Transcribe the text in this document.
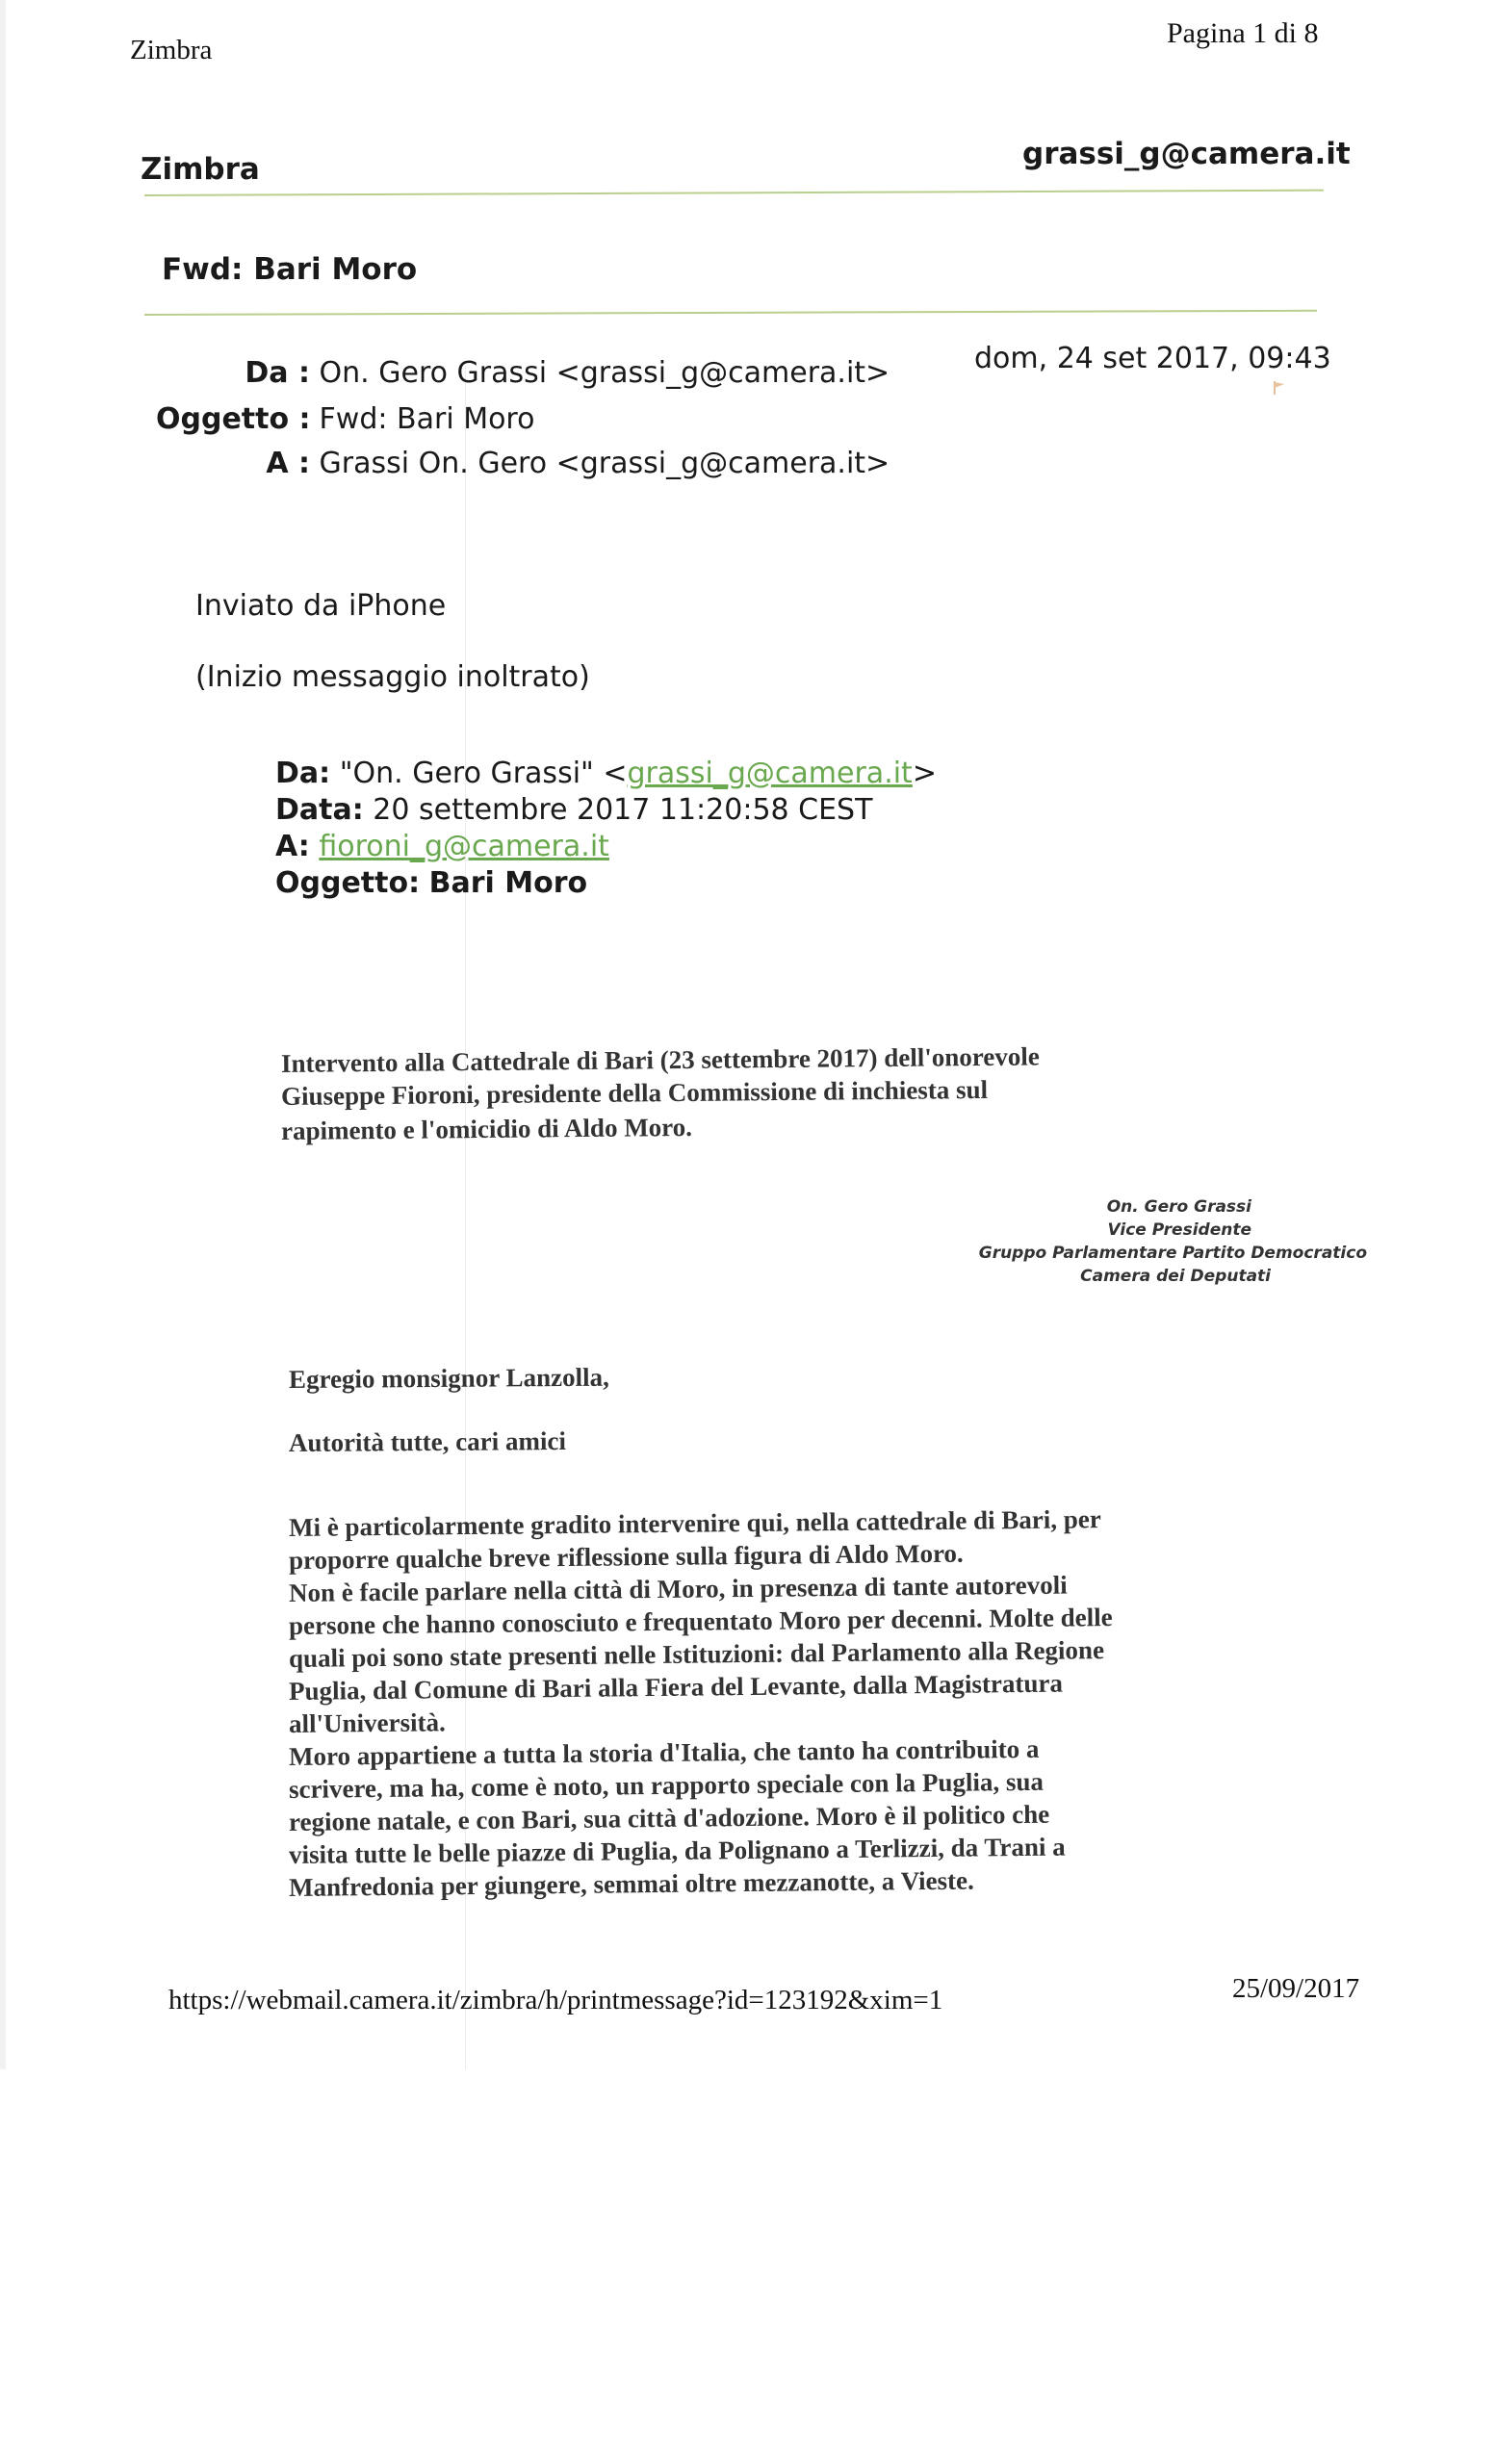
Zimbra
Pagina 1 di 8
Zimbra	grassi_g@camera.it
Fwd: Bari Moro
Da : On. Gero Grassi <grassi_g@camera.it>
Oggetto : Fwd: Bari Moro
A : Grassi On. Gero <grassi_g@camera.it>
dom, 24 set 2017, 09:43
Inviato da iPhone
(Inizio messaggio inoltrato)
Da: "On. Gero Grassi" <grassi_g@camera.it>
Data: 20 settembre 2017 11:20:58 CEST
A: fioroni_g@camera.it
Oggetto: Bari Moro
Intervento alla Cattedrale di Bari (23 settembre 2017) dell'onorevole
Giuseppe Fioroni, presidente della Commissione di inchiesta sul
rapimento e l'omicidio di Aldo Moro.
On. Gero Grassi
Vice Presidente
Gruppo Parlamentare Partito Democratico
Camera dei Deputati
Egregio monsignor Lanzolla,
Autorità tutte, cari amici
Mi è particolarmente gradito intervenire qui, nella cattedrale di Bari, per
proporre qualche breve riflessione sulla figura di Aldo Moro.
Non è facile parlare nella città di Moro, in presenza di tante autorevoli
persone che hanno conosciuto e frequentato Moro per decenni. Molte delle
quali poi sono state presenti nelle Istituzioni: dal Parlamento alla Regione
Puglia, dal Comune di Bari alla Fiera del Levante, dalla Magistratura
all'Università.
Moro appartiene a tutta la storia d'Italia, che tanto ha contribuito a
scrivere, ma ha, come è noto, un rapporto speciale con la Puglia, sua
regione natale, e con Bari, sua città d'adozione. Moro è il politico che
visita tutte le belle piazze di Puglia, da Polignano a Terlizzi, da Trani a
Manfredonia per giungere, semmai oltre mezzanotte, a Vieste.
https://webmail.camera.it/zimbra/h/printmessage?id=123192&xim=1	25/09/2017
